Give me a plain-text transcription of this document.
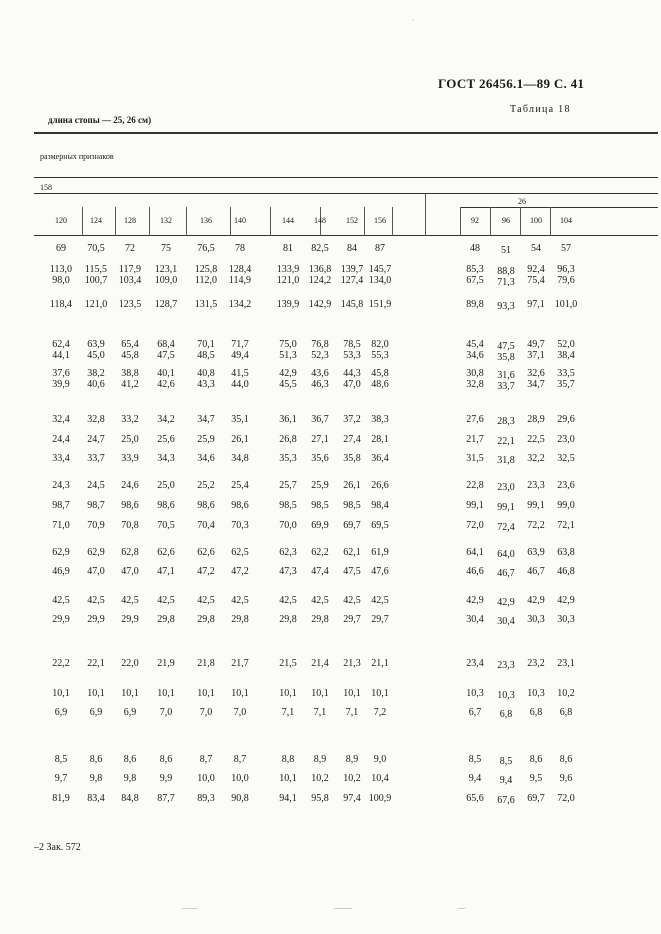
ГОСТ 26456.1—89 С. 41
Таблица 18
длина стопы — 25, 26 см)
размерных признаков
158
26
120	124	128	132	136	140	144	148	152	156	92	96	100	104
69	70,5	72	75	76,5	78	81	82,5	84	87	48	51	54	57
113,0	115,5	117,9	123,1	125,8	128,4	133,9 136,8 139,7 145,7	85,3	88,8	92,4	96,3
98,0	100,7	103,4	109,0	112,0	114,9	121,0 124,2 127,4 134,0	67,5	71,3	75,4	79,6
118,4	121,0	123,5	128,7	131,5	134,2	139,9 142,9 145,8 151,9	89,8	93,3	97,1	101,0
62,4	63,9	65,4	68,4	70,1	71,7	75,0	76,8	78,5	82,0	45,4	47,5	49,7	52,0
44,1	45,0	45,8	47,5	48,5	49,4	51,3	52,3	53,3	55,3	34,6	35,8	37,1	38,4
37,6	38,2	38,8	40,1	40,8	41,5	42,9	43,6	44,3	45,8	30,8	31,6	32,6	33,5
39,9	40,6	41,2	42,6	43,3	44,0	45,5	46,3	47,0	48,6	32,8	33,7	34,7	35,7
32,4	32,8	33,2	34,2	34,7	35,1	36,1	36,7	37,2	38,3	27,6	28,3	28,9	29,6
24,4	24,7	25,0	25,6	25,9	26,1	26,8	27,1	27,4	28,1	21,7	22,1	22,5	23,0
33,4	33,7	33,9	34,3	34,6	34,8	35,3	35,6	35,8	36,4	31,5	31,8	32,2	32,5
24,3	24,5	24,6	25,0	25,2	25,4	25,7	25,9	26,1	26,6	22,8	23,0	23,3	23,6
98,7	98,7	98,6	98,6	98,6	98,6	98,5	98,5	98,5	98,4	99,1	99,1	99,1	99,0
71,0	70,9	70,8	70,5	70,4	70,3	70,0	69,9	69,7	69,5	72,0	72,4	72,2	72,1
62,9	62,9	62,8	62,6	62,6	62,5	62,3	62,2	62,1	61,9	64,1	64,0	63,9	63,8
46,9	47,0	47,0	47,1	47,2	47,2	47,3	47,4	47,5	47,6	46,6	46,7	46,7	46,8
42,5	42,5	42,5	42,5	42,5	42,5	42,5	42,5	42,5	42,5	42,9	42,9	42,9	42,9
29,9	29,9	29,9	29,8	29,8	29,8	29,8	29,8	29,7	29,7	30,4	30,4	30,3	30,3
22,2	22,1	22,0	21,9	21,8	21,7	21,5	21,4	21,3	21,1	23,4	23,3	23,2	23,1
10,1	10,1	10,1	10,1	10,1	10,1	10,1	10,1	10,1	10,1	10,3	10,3	10,3	10,2
6,9	6,9	6,9	7,0	7,0	7,0	7,1	7,1	7,1	7,2	6,7	6,8	6,8	6,8
8,5	8,6	8,6	8,6	8,7	8,7	8,8	8,9	8,9	9,0	8,5	8,5	8,6	8,6
9,7	9,8	9,8	9,9	10,0	10,0	10,1	10,2	10,2	10,4	9,4	9,4	9,5	9,6
81,9	83,4	84,8	87,7	89,3	90,8	94,1	95,8	97,4 100,9	65,6	67,6	69,7	72,0
–2 Зак. 572
·
—·—·	———	—·
